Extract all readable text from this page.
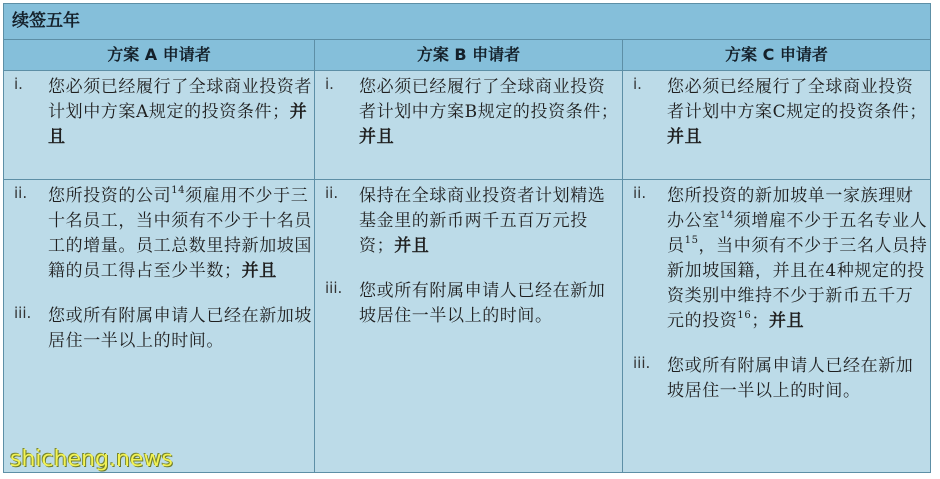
续签五年
方案 A 申请者	方案 B 申请者	方案 C 申请者
i. 您必须已经履行了全球商业投资者计划中方案A规定的投资条件；并且
i. 您必须已经履行了全球商业投资者计划中方案B规定的投资条件；并且
i. 您必须已经履行了全球商业投资者计划中方案C规定的投资条件；并且
ii. 您所投资的公司$^{14}$须雇用不少于三十名员工，当中须有不少于十名员工的增量。员工总数里持新加坡国籍的员工得占至少半数；并且
iii. 您或所有附属申请人已经在新加坡居住一半以上的时间。
ii. 保持在全球商业投资者计划精选基金里的新币两千五百万元投资；并且
iii. 您或所有附属申请人已经在新加坡居住一半以上的时间。
ii. 您所投资的新加坡单一家族理财办公室$^{14}$须增雇不少于五名专业人员$^{15}$，当中须有不少于三名人员持新加坡国籍，并且在4种规定的投资类别中维持不少于新币五千万元的投资$^{16}$；并且
iii. 您或所有附属申请人已经在新加坡居住一半以上的时间。
shicheng.news
